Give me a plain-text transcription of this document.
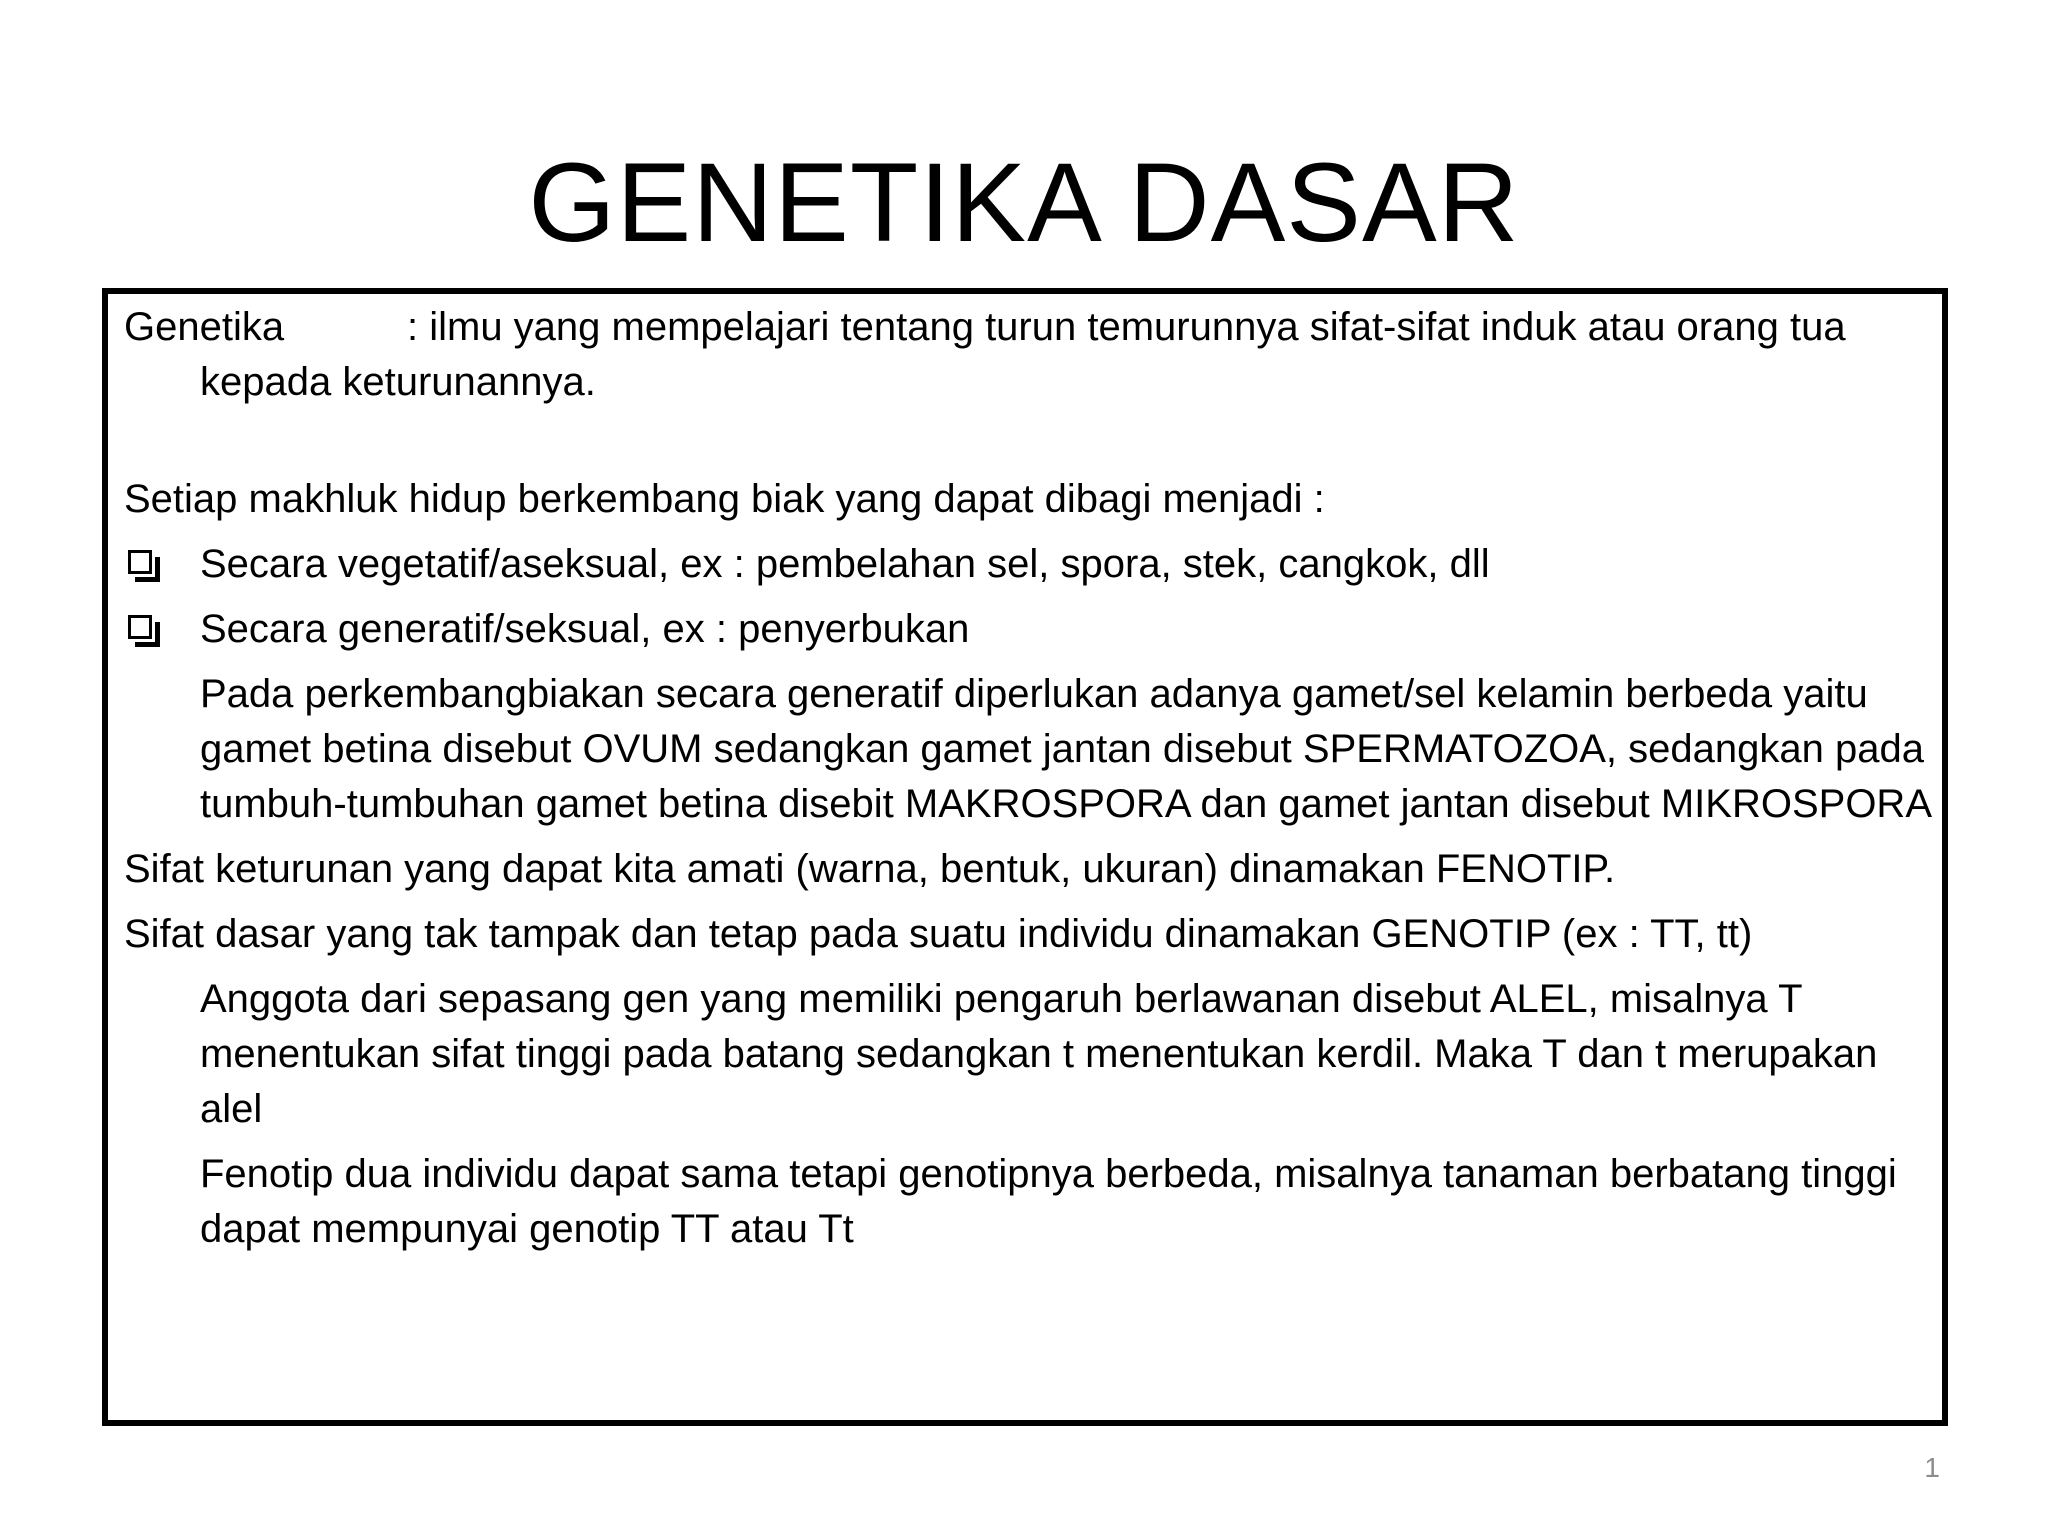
GENETIKA DASAR

Genetika	: ilmu yang mempelajari tentang turun temurunnya sifat-sifat induk atau orang tua kepada keturunannya.

Setiap makhluk hidup berkembang biak yang dapat dibagi menjadi :

Secara vegetatif/aseksual, ex : pembelahan sel, spora, stek, cangkok, dll
Secara generatif/seksual, ex : penyerbukan

Pada perkembangbiakan secara generatif diperlukan adanya gamet/sel kelamin berbeda yaitu gamet betina disebut OVUM sedangkan gamet jantan disebut SPERMATOZOA, sedangkan pada tumbuh-tumbuhan gamet betina disebit MAKROSPORA dan gamet jantan disebut MIKROSPORA

Sifat keturunan yang dapat kita amati (warna, bentuk, ukuran) dinamakan FENOTIP.

Sifat dasar yang tak tampak dan tetap pada suatu individu dinamakan GENOTIP (ex : TT, tt)

Anggota dari sepasang gen yang memiliki pengaruh berlawanan disebut ALEL, misalnya T menentukan sifat tinggi pada batang sedangkan t menentukan kerdil. Maka T dan t merupakan alel

Fenotip dua individu dapat sama tetapi genotipnya berbeda, misalnya tanaman berbatang tinggi dapat mempunyai genotip TT atau Tt

1
